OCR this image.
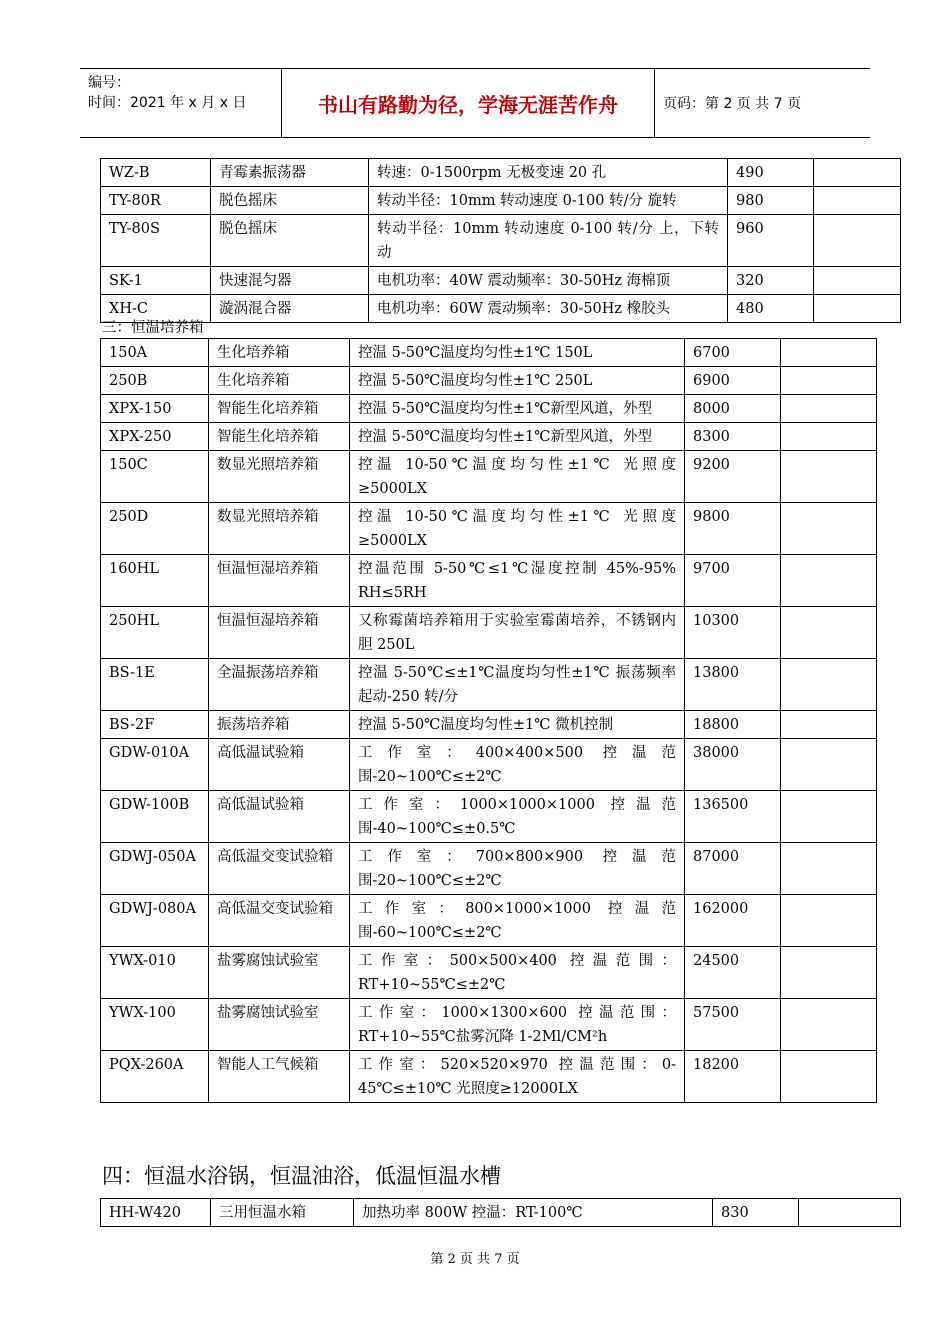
编号：
时间：2021 年 x 月 x 日	书山有路勤为径，学海无涯苦作舟	页码：第 2 页 共 7 页
WZ-B	青霉素振荡器	转速：0-1500rpm 无极变速 20 孔	490	
TY-80R	脱色摇床	转动半径：10mm 转动速度 0-100 转/分 旋转	980	
TY-80S	脱色摇床	转动半径：10mm 转动速度 0-100 转/分 上，下转动	960	
SK-1	快速混匀器	电机功率：40W 震动频率：30-50Hz 海棉顶	320	
XH-C	漩涡混合器	电机功率：60W 震动频率：30-50Hz 橡胶头	480	
三：恒温培养箱
150A	生化培养箱	控温 5-50℃温度均匀性±1℃ 150L	6700	
250B	生化培养箱	控温 5-50℃温度均匀性±1℃ 250L	6900	
XPX-150	智能生化培养箱	控温 5-50℃温度均匀性±1℃新型风道，外型	8000	
XPX-250	智能生化培养箱	控温 5-50℃温度均匀性±1℃新型风道，外型	8300	
150C	数显光照培养箱	控温 10-50℃温度均匀性±1℃ 光照度≥5000LX	9200	
250D	数显光照培养箱	控温 10-50℃温度均匀性±1℃ 光照度≥5000LX	9800	
160HL	恒温恒湿培养箱	控温范围 5-50℃≤1℃湿度控制 45%-95% RH≤5RH	9700	
250HL	恒温恒湿培养箱	又称霉菌培养箱用于实验室霉菌培养，不锈钢内胆 250L	10300	
BS-1E	全温振荡培养箱	控温 5-50℃≤±1℃温度均匀性±1℃ 振荡频率起动-250 转/分	13800	
BS-2F	振荡培养箱	控温 5-50℃温度均匀性±1℃ 微机控制	18800	
GDW-010A	高低温试验箱	工作室：400×400×500 控温范围-20~100℃≤±2℃	38000	
GDW-100B	高低温试验箱	工作室：1000×1000×1000 控温范围-40~100℃≤±0.5℃	136500	
GDWJ-050A	高低温交变试验箱	工作室：700×800×900 控温范围-20~100℃≤±2℃	87000	
GDWJ-080A	高低温交变试验箱	工作室：800×1000×1000 控温范围-60~100℃≤±2℃	162000	
YWX-010	盐雾腐蚀试验室	工作室：500×500×400 控温范围：RT+10~55℃≤±2℃	24500	
YWX-100	盐雾腐蚀试验室	工作室：1000×1300×600 控温范围：RT+10~55℃盐雾沉降 1-2Ml/CM²h	57500	
PQX-260A	智能人工气候箱	工作室：520×520×970 控温范围：0-45℃≤±10℃ 光照度≥12000LX	18200	
四：恒温水浴锅，恒温油浴，低温恒温水槽
HH-W420	三用恒温水箱	加热功率 800W 控温：RT-100℃	830	
第 2 页 共 7 页
